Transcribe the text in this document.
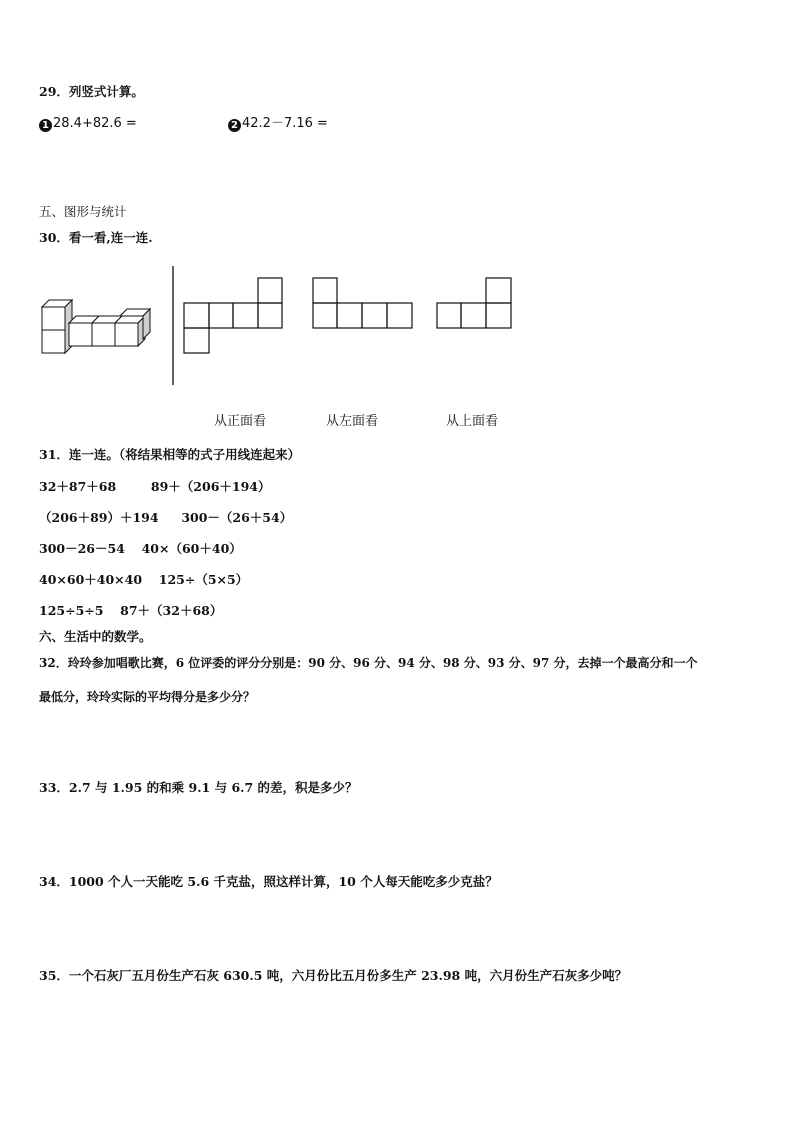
29．列竖式计算。
1 28.4+82.6 =	2 42.2－7.16 =
五、图形与统计
30．看一看,连一连.
从正面看	从左面看	从上面看
31．连一连。（将结果相等的式子用线连起来）
32＋87＋68	89＋（206＋194）
（206＋89）＋194 300－（26＋54）
300－26－54 40×（60＋40）
40×60＋40×40 125÷（5×5）
125÷5÷5 87＋（32＋68）
六、生活中的数学。
32．玲玲参加唱歌比赛，6 位评委的评分分别是：90 分、96 分、94 分、98 分、93 分、97 分，去掉一个最高分和一个
最低分，玲玲实际的平均得分是多少分？
33．2.7 与 1.95 的和乘 9.1 与 6.7 的差，积是多少？
34．1000 个人一天能吃 5.6 千克盐，照这样计算，10 个人每天能吃多少克盐？
35．一个石灰厂五月份生产石灰 630.5 吨，六月份比五月份多生产 23.98 吨，六月份生产石灰多少吨？
